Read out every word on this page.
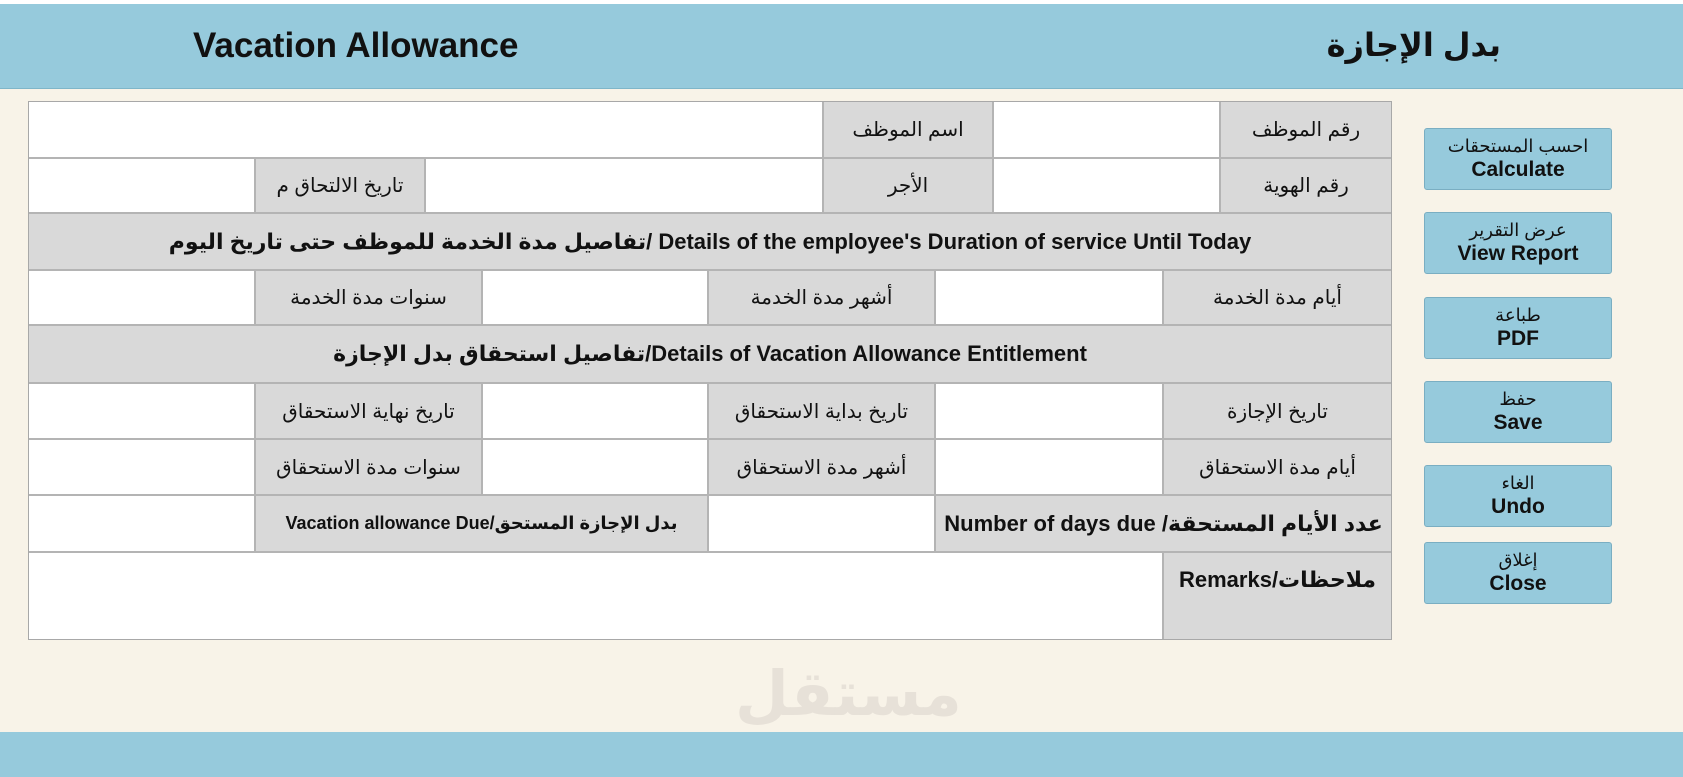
Vacation Allowance	بدل الإجازة
رقم الموظف
اسم الموظف
رقم الهوية
الأجر
تاريخ الالتحاق م
Details of the employee's Duration of service Until Today /تفاصيل مدة الخدمة للموظف حتى تاريخ اليوم
أيام مدة الخدمة
أشهر مدة الخدمة
سنوات مدة الخدمة
Details of Vacation Allowance Entitlement/تفاصيل استحقاق بدل الإجازة
تاريخ الإجازة
تاريخ بداية الاستحقاق
تاريخ نهاية الاستحقاق
أيام مدة الاستحقاق
أشهر مدة الاستحقاق
سنوات مدة الاستحقاق
عدد الأيام المستحقة/ Number of days due
بدل الإجازة المستحق/Vacation allowance Due
ملاحظات/Remarks
احسب المستحقات
Calculate
عرض التقرير
View Report
طباعة
PDF
حفظ
Save
الغاء
Undo
إغلاق
Close
مستقل
